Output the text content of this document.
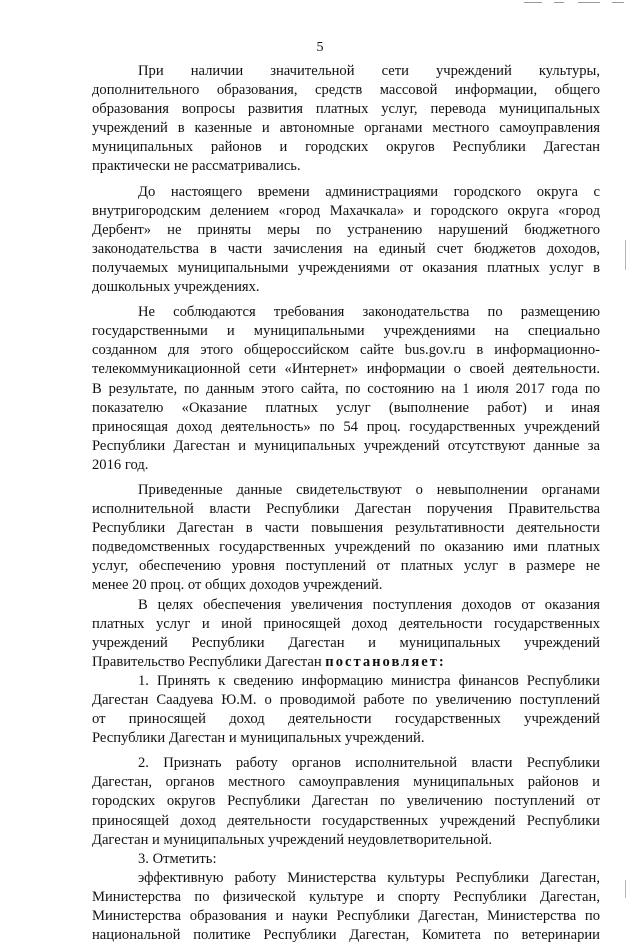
5
При наличии значительной сети учреждений культуры,
дополнительного образования, средств массовой информации, общего
образования вопросы развития платных услуг, перевода муниципальных
учреждений в казенные и автономные органами местного самоуправления
муниципальных районов и городских округов Республики Дагестан
практически не рассматривались.
До настоящего времени администрациями городского округа с
внутригородским делением «город Махачкала» и городского округа «город
Дербент» не приняты меры по устранению нарушений бюджетного
законодательства в части зачисления на единый счет бюджетов доходов,
получаемых муниципальными учреждениями от оказания платных услуг в
дошкольных учреждениях.
Не соблюдаются требования законодательства по размещению
государственными и муниципальными учреждениями на специально
созданном для этого общероссийском сайте bus.gov.ru в информационно-
телекоммуникационной сети «Интернет» информации о своей деятельности.
В результате, по данным этого сайта, по состоянию на 1 июля 2017 года по
показателю «Оказание платных услуг (выполнение работ) и иная
приносящая доход деятельность» по 54 проц. государственных учреждений
Республики Дагестан и муниципальных учреждений отсутствуют данные за
2016 год.
Приведенные данные свидетельствуют о невыполнении органами
исполнительной власти Республики Дагестан поручения Правительства
Республики Дагестан в части повышения результативности деятельности
подведомственных государственных учреждений по оказанию ими платных
услуг, обеспечению уровня поступлений от платных услуг в размере не
менее 20 проц. от общих доходов учреждений.
В целях обеспечения увеличения поступления доходов от оказания
платных услуг и иной приносящей доход деятельности государственных
учреждений Республики Дагестан и муниципальных учреждений
Правительство Республики Дагестан постановляет:
1. Принять к сведению информацию министра финансов Республики
Дагестан Саадуева Ю.М. о проводимой работе по увеличению поступлений
от приносящей доход деятельности государственных учреждений
Республики Дагестан и муниципальных учреждений.
2. Признать работу органов исполнительной власти Республики
Дагестан, органов местного самоуправления муниципальных районов и
городских округов Республики Дагестан по увеличению поступлений от
приносящей доход деятельности государственных учреждений Республики
Дагестан и муниципальных учреждений неудовлетворительной.
3. Отметить:
эффективную работу Министерства культуры Республики Дагестан,
Министерства по физической культуре и спорту Республики Дагестан,
Министерства образования и науки Республики Дагестан, Министерства по
национальной политике Республики Дагестан, Комитета по ветеринарии
